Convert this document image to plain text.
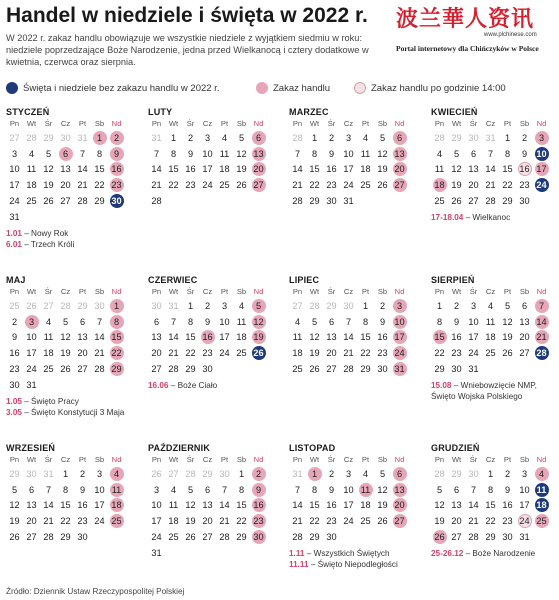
Handel w niedziele i święta w 2022 r. 波兰華人资讯
www.plchinese.com
Portal internetowy dla Chińczyków w Polsce
W 2022 r. zakaz handlu obowiązuje we wszystkie niedziele z wyjątkiem siedmiu w roku: niedziele poprzedzające Boże Narodzenie, jedna przed Wielkanocą i cztery dodatkowe w kwietnia, czerwca oraz sierpnia.
Święta i niedziele bez zakazu handlu w 2022 r.	Zakaz handlu	Zakaz handlu po godzinie 14:00
STYCZEŃ
Pn	Wt	Śr	Cz	Pt	Sb Nd
27 28 29 30 31	1	2
3	4	5	6	7	8	9
10 11 12 13 14 15 16
17 18 19 20 21 22 23
24 25 26 27 28 29 30
31
1.01 – Nowy Rok
6.01 – Trzech Króli
LUTY
Pn	Wt	Śr	Cz	Pt	Sb Nd
31	1	2	3	4	5	6
7	8	9	10 11 12 13
14 15 16 17 18 19 20
21 22 23 24 25 26 27
28
MARZEC
Pn	Wt	Śr	Cz	Pt	Sb Nd
28	1	2	3	4	5	6
7	8	9	10 11 12 13
14 15 16 17 18 19 20
21 22 23 24 25 26 27
28 29 30 31
KWIECIEŃ
Pn	Wt	Śr	Cz	Pt	Sb Nd
28 29 30 31	1	2	3
4	5	6	7	8	9	10
11 12 13 14 15 16 17
18 19 20 21 22 23 24
25 26 27 28 29 30
17-18.04 – Wielkanoc
MAJ
Pn	Wt	Śr	Cz	Pt	Sb Nd
25 26 27 28 29 30	1
2	3	4	5	6	7	8
9	10 11 12 13 14 15
16 17 18 19 20 21 22
23 24 25 26 27 28 29
30 31
1.05 – Święto Pracy
3.05 – Święto Konstytucji 3 Maja
CZERWIEC
Pn	Wt	Śr	Cz	Pt	Sb Nd
30 31	1	2	3	4	5
6	7	8	9	10 11 12
13 14 15 16 17 18 19
20 21 22 23 24 25 26
27 28 29 30
16.06 – Boże Ciało
LIPIEC
Pn	Wt	Śr	Cz	Pt	Sb Nd
27 28 29 30	1	2	3
4	5	6	7	8	9	10
11 12 13 14 15 16 17
18 19 20 21 22 23 24
25 26 27 28 29 30 31
SIERPIEŃ
Pn	Wt	Śr	Cz	Pt	Sb Nd
1	2	3	4	5	6	7
8	9	10 11 12 13 14
15 16 17 18 19 20 21
22 23 24 25 26 27 28
29 30 31
15.08 – Wniebowzięcie NMP, Święto Wojska Polskiego
WRZESIEŃ
Pn	Wt	Śr	Cz	Pt	Sb Nd
29 30 31	1	2	3	4
5	6	7	8	9	10 11
12 13 14 15 16 17 18
19 20 21 22 23 24 25
26 27 28 29 30
PAŹDZIERNIK
Pn	Wt	Śr	Cz	Pt	Sb Nd
26 27 28 29 30	1	2
3	4	5	6	7	8	9
10 11 12 13 14 15 16
17 18 19 20 21 22 23
24 25 26 27 28 29 30
31
LISTOPAD
Pn	Wt	Śr	Cz	Pt	Sb Nd
31	1	2	3	4	5	6
7	8	9	10 11 12 13
14 15 16 17 18 19 20
21 22 23 24 25 26 27
28 29 30
1.11 – Wszystkich Świętych
11.11 – Święto Niepodległości
GRUDZIEŃ
Pn	Wt	Śr	Cz	Pt	Sb Nd
28 29 30	1	2	3	4
5	6	7	8	9	10 11
12 13 14 15 16 17 18
19 20 21 22 23 24 25
26 27 28 29 30 31
25-26.12 – Boże Narodzenie
Źródło: Dziennik Ustaw Rzeczypospolitej Polskiej
